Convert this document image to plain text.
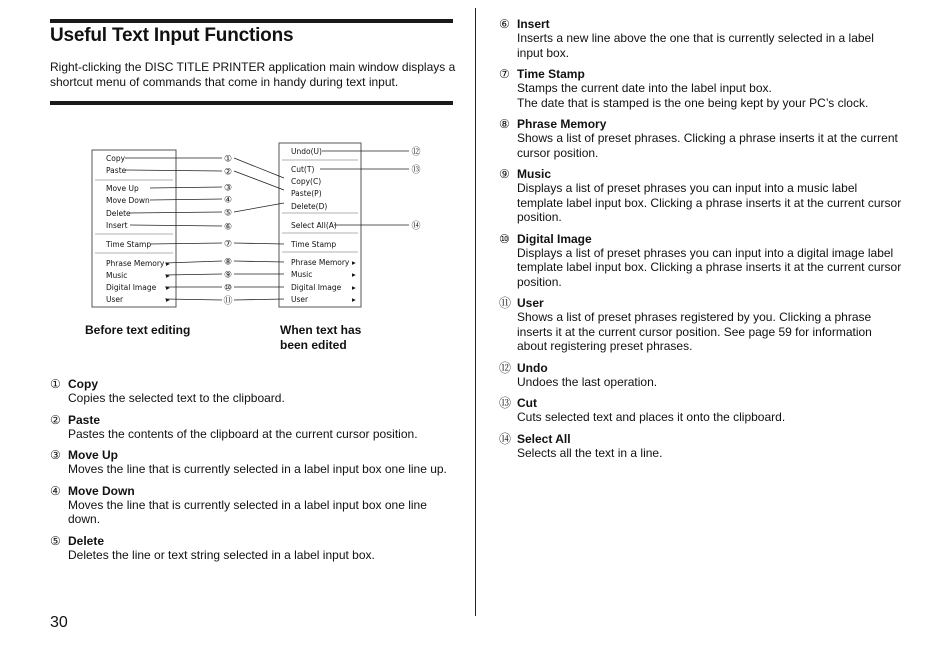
Useful Text Input Functions

Right-clicking the DISC TITLE PRINTER application main window displays a shortcut menu of commands that come in handy during text input.

Copy
Paste
Move Up
Move Down
Delete
Insert
Time Stamp
Phrase Memory ▸
Music	▸
Digital Image ▸
User	▸
Undo(U)
Cut(T)
Copy(C)
Paste(P)
Delete(D)
Select All(A)
Time Stamp
Phrase Memory ▸
Music	▸
Digital Image ▸
User	▸
①
②
③
④
⑤
⑥
⑦
⑧
⑨
⑩
⑪
⑫
⑬
⑭

Before text editing	When text has been edited

① Copy
Copies the selected text to the clipboard.
② Paste
Pastes the contents of the clipboard at the current cursor position.
③ Move Up
Moves the line that is currently selected in a label input box one line up.
④ Move Down
Moves the line that is currently selected in a label input box one line down.
⑤ Delete
Deletes the line or text string selected in a label input box.
⑥ Insert
Inserts a new line above the one that is currently selected in a label input box.
⑦ Time Stamp
Stamps the current date into the label input box.
The date that is stamped is the one being kept by your PC’s clock.
⑧ Phrase Memory
Shows a list of preset phrases. Clicking a phrase inserts it at the current cursor position.
⑨ Music
Displays a list of preset phrases you can input into a music label template label input box. Clicking a phrase inserts it at the current cursor position.
⑩ Digital Image
Displays a list of preset phrases you can input into a digital image label template label input box. Clicking a phrase inserts it at the current cursor position.
⑪ User
Shows a list of preset phrases registered by you. Clicking a phrase inserts it at the current cursor position. See page 59 for information about registering preset phrases.
⑫ Undo
Undoes the last operation.
⑬ Cut
Cuts selected text and places it onto the clipboard.
⑭ Select All
Selects all the text in a line.
30
